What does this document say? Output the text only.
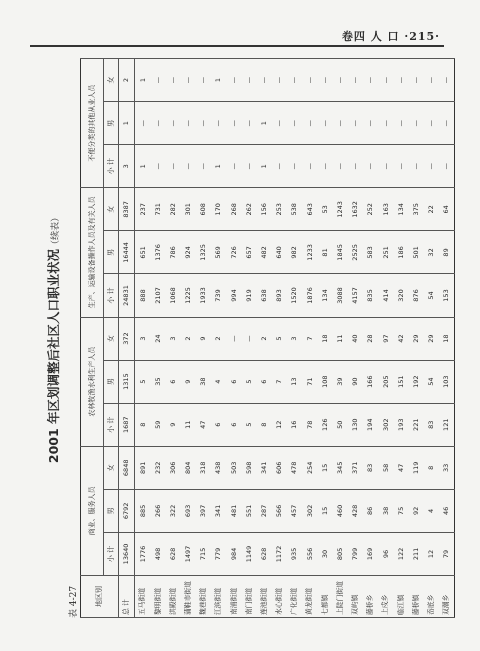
卷四 人 口 ·215·
2001 年区划调整后社区人口职业状况（续表）
表 4-27 地区别	商业、服务人员			农林牧渔水利生产人员			生产、运输设备操作人员及有关人员			不便分类的其他从业人员		
	小 计	男	女	小 计	男	女	小 计	男	女	小 计	男	女
总 计	13640	6792	6848	1687	1315	372	24831	16444	8387	3	1	2
五马街道	1776	885	891	8	5	3	888	651	237	1	—	1
黎明街道	498	266	232	59	35	24	2107	1376	731	—	—	—
洪殿街道	628	322	306	9	6	3	1068	786	282	—	—	—
蒲鞋市街道	1497	693	804	11	9	2	1225	924	301	—	—	—
魏巷街道	715	397	318	47	38	9	1933	1325	608	—	—	—
江滨街道	779	341	438	6	4	2	739	569	170	1	—	1
南浦街道	984	481	503	6	6	—	994	726	268	—	—	—
南门街道	1149	551	598	5	5	—	919	657	262	—	—	—
莲池街道	628	287	341	8	6	2	638	482	156	1	1	—
水心街道	1172	566	606	12	7	5	893	640	253	—	—	—
广化街道	935	457	478	16	13	3	1520	982	538	—	—	—
黄龙街道	556	302	254	78	71	7	1876	1233	643	—	—	—
七都镇	30	15	15	126	108	18	134	81	53	—	—	—
上陡门街道	805	460	345	50	39	11	3088	1845	1243	—	—	—
双屿镇	799	428	371	130	90	40	4157	2525	1632	—	—	—
藤桥乡	169	86	83	194	166	28	835	583	252	—	—	—
上戍乡	96	38	58	302	205	97	414	251	163	—	—	—
临江镇	122	75	47	193	151	42	320	186	134	—	—	—
藤桥镇	211	92	119	221	192	29	876	501	375	—	—	—
岙底乡	12	4	8	83	54	29	54	32	22	—	—	—
双潮乡	79	46	33	121	103	18	153	89	64	—	—	—
